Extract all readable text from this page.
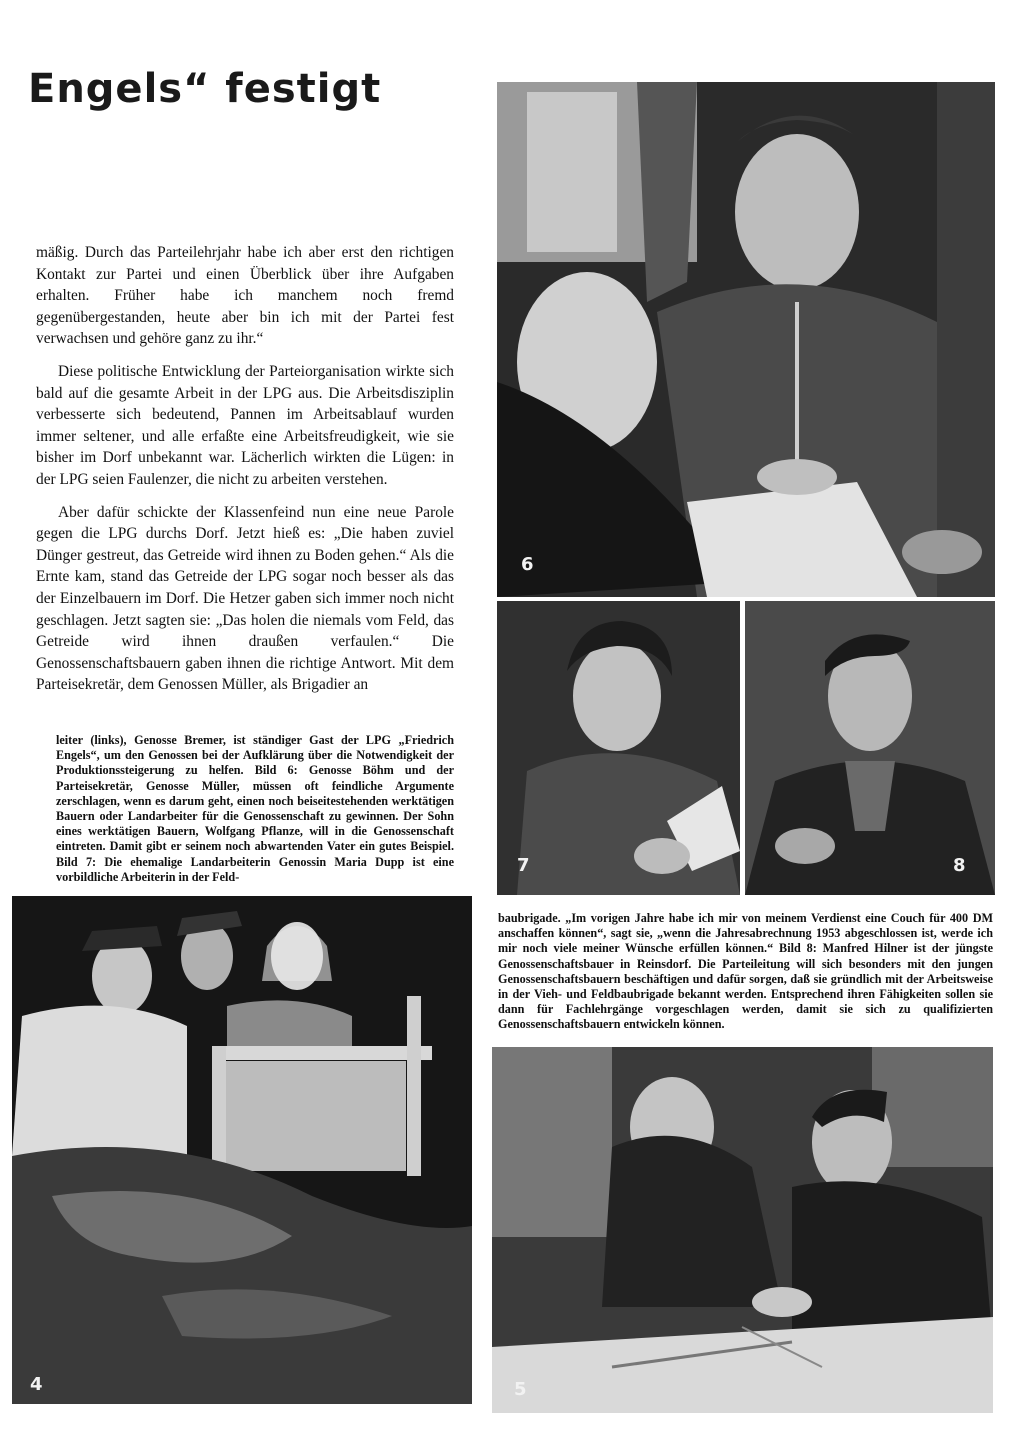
Engels“ festigt

mäßig. Durch das Parteilehrjahr habe ich aber erst den richtigen Kontakt zur Partei und einen Überblick über ihre Aufgaben erhalten. Früher habe ich manchem noch fremd gegenübergestanden, heute aber bin ich mit der Partei fest verwachsen und gehöre ganz zu ihr.“

Diese politische Entwicklung der Parteiorganisation wirkte sich bald auf die gesamte Arbeit in der LPG aus. Die Arbeitsdisziplin verbesserte sich bedeutend, Pannen im Arbeitsablauf wurden immer seltener, und alle erfaßte eine Arbeitsfreudigkeit, wie sie bisher im Dorf unbekannt war. Lächerlich wirkten die Lügen: in der LPG seien Faulenzer, die nicht zu arbeiten verstehen.

Aber dafür schickte der Klassenfeind nun eine neue Parole gegen die LPG durchs Dorf. Jetzt hieß es: „Die haben zuviel Dünger gestreut, das Getreide wird ihnen zu Boden gehen.“ Als die Ernte kam, stand das Getreide der LPG sogar noch besser als das der Einzelbauern im Dorf. Die Hetzer gaben sich immer noch nicht geschlagen. Jetzt sagten sie: „Das holen die niemals vom Feld, das Getreide wird ihnen draußen verfaulen.“ Die Genossenschaftsbauern gaben ihnen die richtige Antwort. Mit dem Parteisekretär, dem Genossen Müller, als Brigadier an

leiter (links), Genosse Bremer, ist ständiger Gast der LPG „Friedrich Engels“, um den Genossen bei der Aufklärung über die Notwendigkeit der Produktionssteigerung zu helfen. Bild 6: Genosse Böhm und der Parteisekretär, Genosse Müller, müssen oft feindliche Argumente zerschlagen, wenn es darum geht, einen noch beiseitestehenden werktätigen Bauern oder Landarbeiter für die Genossenschaft zu gewinnen. Der Sohn eines werktätigen Bauern, Wolfgang Pflanze, will in die Genossenschaft eintreten. Damit gibt er seinem noch abwartenden Vater ein gutes Beispiel. Bild 7: Die ehemalige Landarbeiterin Genossin Maria Dupp ist eine vorbildliche Arbeiterin in der Feld-

6
7	8
4

baubrigade. „Im vorigen Jahre habe ich mir von meinem Verdienst eine Couch für 400 DM anschaffen können“, sagt sie, „wenn die Jahresabrechnung 1953 abgeschlossen ist, werde ich mir noch viele meiner Wünsche erfüllen können.“ Bild 8: Manfred Hilner ist der jüngste Genossenschaftsbauer in Reinsdorf. Die Parteileitung will sich besonders mit den jungen Genossenschaftsbauern beschäftigen und dafür sorgen, daß sie gründlich mit der Arbeitsweise in der Vieh- und Feldbaubrigade bekannt werden. Entsprechend ihren Fähigkeiten sollen sie dann für Fachlehrgänge vorgeschlagen werden, damit sie sich zu qualifizierten Genossenschaftsbauern entwickeln können.

5
